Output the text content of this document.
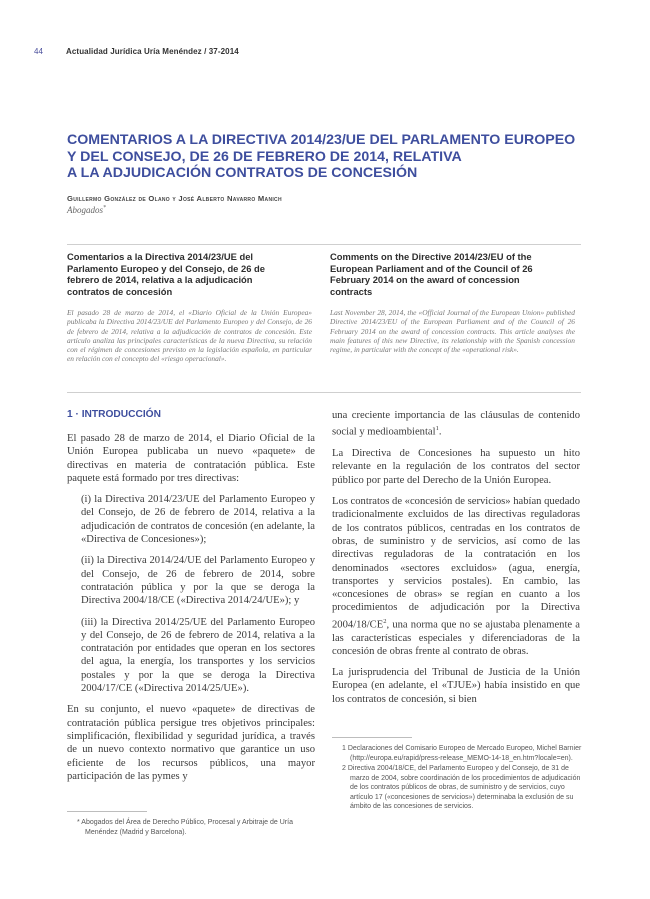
44	Actualidad Jurídica Uría Menéndez / 37-2014
COMENTARIOS A LA DIRECTIVA 2014/23/UE DEL PARLAMENTO EUROPEO
Y DEL CONSEJO, DE 26 DE FEBRERO DE 2014, RELATIVA
A LA ADJUDICACIÓN CONTRATOS DE CONCESIÓN
Guillermo González de Olano y José Alberto Navarro Manich
Abogados*
Comentarios a la Directiva 2014/23/UE del
Parlamento Europeo y del Consejo, de 26 de
febrero de 2014, relativa a la adjudicación
contratos de concesión
El pasado 28 de marzo de 2014, el «Diario Oficial de la Unión Europea» publicaba la Directiva 2014/23/UE del Parlamento Europeo y del Consejo, de 26 de febrero de 2014, relativa a la adjudicación de contratos de concesión. Este artículo analiza las principales características de la nueva Directiva, su relación con el régimen de concesiones previsto en la legislación española, en particular en relación con el concepto del «riesgo operacional».
Comments on the Directive 2014/23/EU of the
European Parliament and of the Council of 26
February 2014 on the award of concession
contracts
Last November 28, 2014, the «Official Journal of the European Union» published Directive 2014/23/EU of the European Parliament and of the Council of 26 February 2014 on the award of concession contracts. This article analyses the main features of this new Directive, its relationship with the Spanish concession regime, in particular with the concept of the «operational risk».
1 · INTRODUCCIÓN

El pasado 28 de marzo de 2014, el Diario Oficial de la Unión Europea publicaba un nuevo «paquete» de directivas en materia de contratación pública. Este paquete está formado por tres directivas:

(i) la Directiva 2014/23/UE del Parlamento Europeo y del Consejo, de 26 de febrero de 2014, relativa a la adjudicación de contratos de concesión (en adelante, la «Directiva de Concesiones»);

(ii) la Directiva 2014/24/UE del Parlamento Europeo y del Consejo, de 26 de febrero de 2014, sobre contratación pública y por la que se deroga la Directiva 2004/18/CE («Directiva 2014/24/UE»); y

(iii) la Directiva 2014/25/UE del Parlamento Europeo y del Consejo, de 26 de febrero de 2014, relativa a la contratación por entidades que operan en los sectores del agua, la energía, los transportes y los servicios postales y por la que se deroga la Directiva 2004/17/CE («Directiva 2014/25/UE»).

En su conjunto, el nuevo «paquete» de directivas de contratación pública persigue tres objetivos principales: simplificación, flexibilidad y seguridad jurídica, a través de un nuevo contexto normativo que garantice un uso eficiente de los recursos públicos, una mayor participación de las pymes y

una creciente importancia de las cláusulas de contenido social y medioambiental$^1$.

La Directiva de Concesiones ha supuesto un hito relevante en la regulación de los contratos del sector público por parte del Derecho de la Unión Europea.

Los contratos de «concesión de servicios» habían quedado tradicionalmente excluidos de las directivas reguladoras de los contratos públicos, centradas en los contratos de obras, de suministro y de servicios, así como de las directivas reguladoras de la contratación en los denominados «sectores excluidos» (agua, energía, transportes y servicios postales). En cambio, las «concesiones de obras» se regían en cuanto a los procedimientos de adjudicación por la Directiva $2004/18/CE^2$, una norma que no se ajustaba plenamente a las características especiales y diferenciadoras de la concesión de obras frente al contrato de obras.

La jurisprudencia del Tribunal de Justicia de la Unión Europea (en adelante, el «TJUE») había insistido en que los contratos de concesión, si bien

* Abogados del Área de Derecho Público, Procesal y Arbitraje de Uría Menéndez (Madrid y Barcelona).

1 Declaraciones del Comisario Europeo de Mercado Europeo, Michel Barnier (http://europa.eu/rapid/press-release_MEMO-14-18_en.htm?locale=en).

2 Directiva 2004/18/CE, del Parlamento Europeo y del Consejo, de 31 de marzo de 2004, sobre coordinación de los procedimientos de adjudicación de los contratos públicos de obras, de suministro y de servicios, cuyo artículo 17 («concesiones de servicios») determinaba la exclusión de su ámbito de las concesiones de servicios.
